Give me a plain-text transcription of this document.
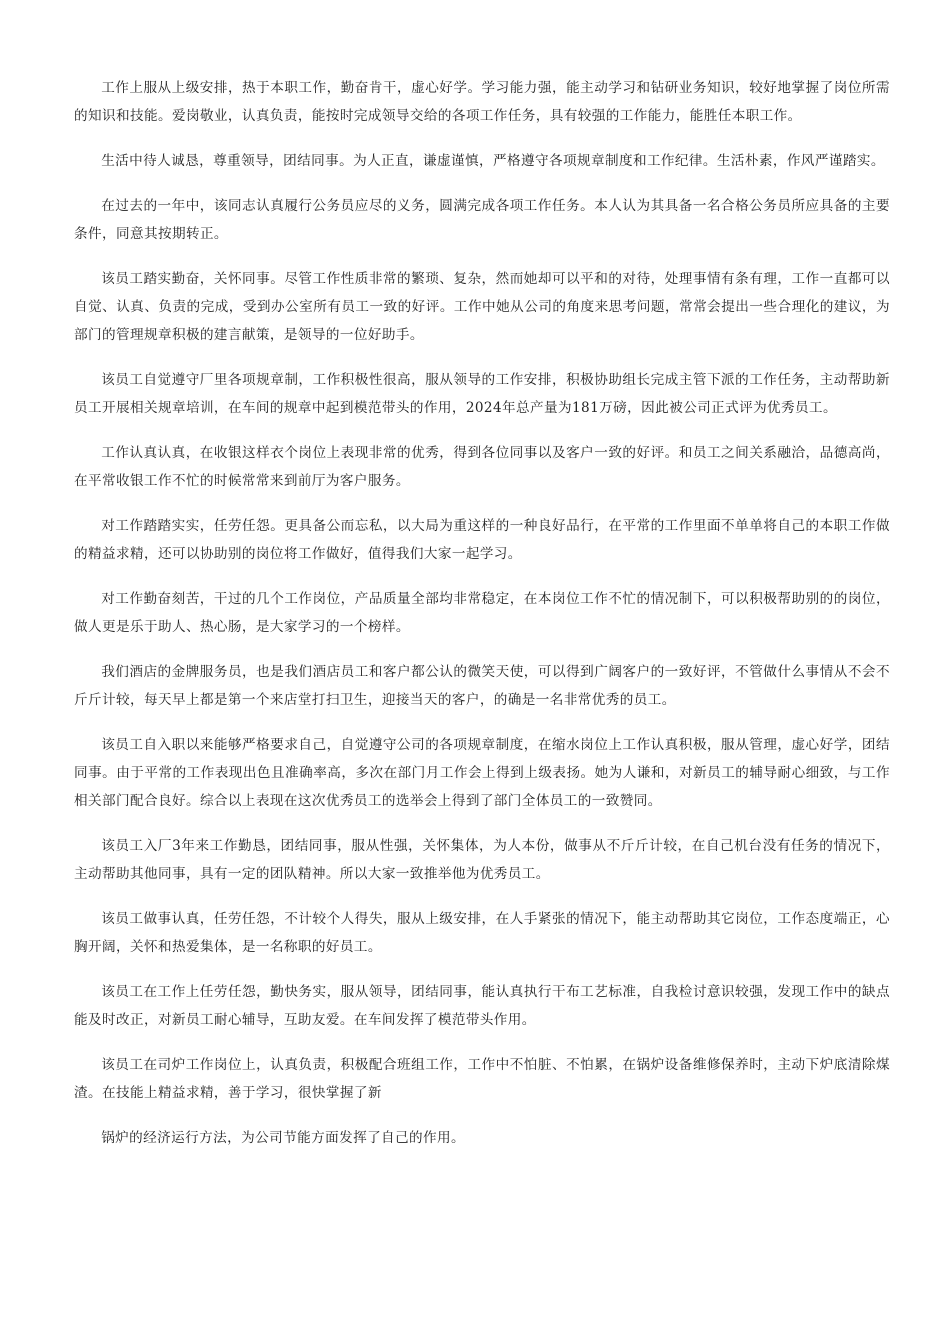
工作上服从上级安排，热于本职工作，勤奋肯干，虚心好学。学习能力强，能主动学习和钻研业务知识，较好地掌握了岗位所需的知识和技能。爱岗敬业，认真负责，能按时完成领导交给的各项工作任务，具有较强的工作能力，能胜任本职工作。

生活中待人诚恳，尊重领导，团结同事。为人正直，谦虚谨慎，严格遵守各项规章制度和工作纪律。生活朴素，作风严谨踏实。

在过去的一年中，该同志认真履行公务员应尽的义务，圆满完成各项工作任务。本人认为其具备一名合格公务员所应具备的主要条件，同意其按期转正。

该员工踏实勤奋，关怀同事。尽管工作性质非常的繁琐、复杂，然而她却可以平和的对待，处理事情有条有理，工作一直都可以自觉、认真、负责的完成，受到办公室所有员工一致的好评。工作中她从公司的角度来思考问题，常常会提出一些合理化的建议，为部门的管理规章积极的建言献策，是领导的一位好助手。

该员工自觉遵守厂里各项规章制，工作积极性很高，服从领导的工作安排，积极协助组长完成主管下派的工作任务，主动帮助新员工开展相关规章培训，在车间的规章中起到模范带头的作用，2024年总产量为181万磅，因此被公司正式评为优秀员工。

工作认真认真，在收银这样衣个岗位上表现非常的优秀，得到各位同事以及客户一致的好评。和员工之间关系融洽，品德高尚，在平常收银工作不忙的时候常常来到前厅为客户服务。

对工作踏踏实实，任劳任怨。更具备公而忘私，以大局为重这样的一种良好品行，在平常的工作里面不单单将自己的本职工作做的精益求精，还可以协助别的岗位将工作做好，值得我们大家一起学习。

对工作勤奋刻苦，干过的几个工作岗位，产品质量全部均非常稳定，在本岗位工作不忙的情况制下，可以积极帮助别的的岗位，做人更是乐于助人、热心肠，是大家学习的一个榜样。

我们酒店的金牌服务员，也是我们酒店员工和客户都公认的微笑天使，可以得到广阔客户的一致好评，不管做什么事情从不会不斤斤计较，每天早上都是第一个来店堂打扫卫生，迎接当天的客户，的确是一名非常优秀的员工。

该员工自入职以来能够严格要求自己，自觉遵守公司的各项规章制度，在缩水岗位上工作认真积极，服从管理，虚心好学，团结同事。由于平常的工作表现出色且准确率高，多次在部门月工作会上得到上级表扬。她为人谦和，对新员工的辅导耐心细致，与工作相关部门配合良好。综合以上表现在这次优秀员工的选举会上得到了部门全体员工的一致赞同。

该员工入厂3年来工作勤恳，团结同事，服从性强，关怀集体，为人本份，做事从不斤斤计较，在自己机台没有任务的情况下，主动帮助其他同事，具有一定的团队精神。所以大家一致推举他为优秀员工。

该员工做事认真，任劳任怨，不计较个人得失，服从上级安排，在人手紧张的情况下，能主动帮助其它岗位，工作态度端正，心胸开阔，关怀和热爱集体，是一名称职的好员工。

该员工在工作上任劳任怨，勤快务实，服从领导，团结同事，能认真执行干布工艺标准，自我检讨意识较强，发现工作中的缺点能及时改正，对新员工耐心辅导，互助友爱。在车间发挥了模范带头作用。

该员工在司炉工作岗位上，认真负责，积极配合班组工作，工作中不怕脏、不怕累，在锅炉设备维修保养时，主动下炉底清除煤渣。在技能上精益求精，善于学习，很快掌握了新

锅炉的经济运行方法，为公司节能方面发挥了自己的作用。
